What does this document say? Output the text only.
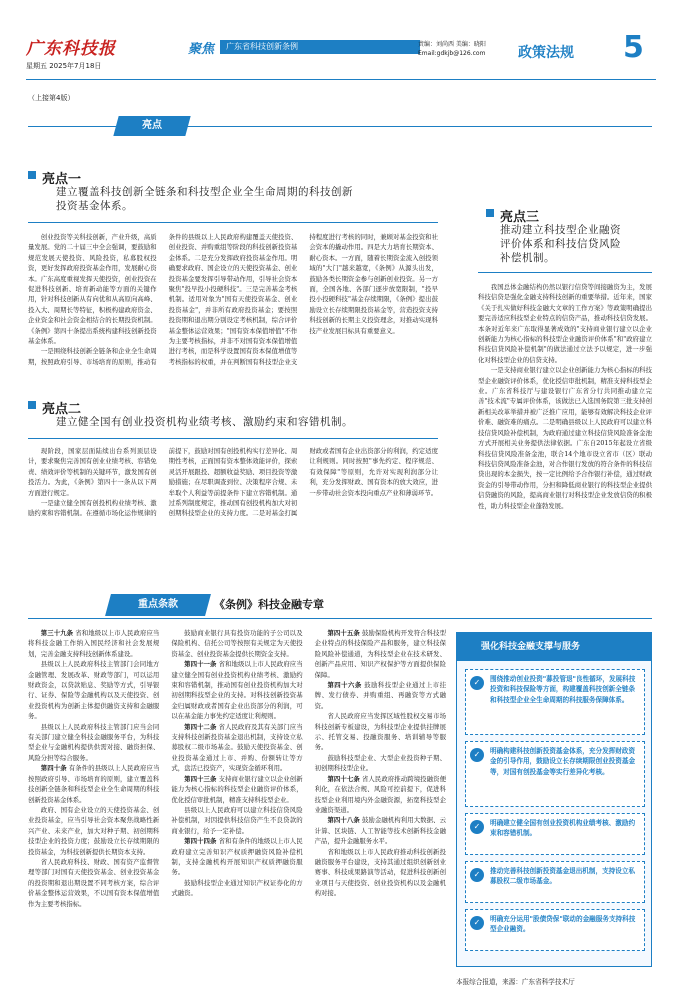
广东科技报
星期五 2025年7月18日
聚焦	广东省科技创新条例	责编：刘尚西 美编：晓阳
Email:gdkjb@126.com 政策法规 5
（上接第4版）
亮点
亮点一
建立覆盖科技创新全链条和科技型企业全生命周期的科技创新
投资基金体系。

创业投资等关科技创新，产业升级，高质量发展。党的二十届三中全会强调，要鼓励和规范发展天使投资、风险投资，私募股权投资，更好发挥政府投资基金作用，发展耐心资本。广东高度重视发挥天使投资，创业投资在促进科技创新、培育新动能等方面的关键作用，针对科技创新从有向优和从高原向高峰、投入大、周期长等特征，积极构建政府资金、企业资金和社会资金相结合的长期投资机制。《条例》第四十条提出系统构建科技创新投资基金体系。

一是围绕科技创新全链条和企业全生命周期，按照政府引导、市场培育的原则，推动有条件的县级以上人民政府构建覆盖天使投资、创业投资、并购重组等阶段的科技创新投资基金体系。二是充分发挥政府投资基金作用。明确要求政府、国企设立的天使投资基金、创业投资基金要发挥引导带动作用，引导社会资本聚焦"投早投小投硬科技"。三是完善基金考核机制。适用对象为"国有天使投资基金、创业投资基金"，并非所有政府投资基金；要按照投资期和退出期分别设定考核机制，综合评价基金整体运营效果；"国有资本保值增值"不作为主要考核指标，并非不对国有资本保值增值进行考核，而是科学设置国有资本保值增值等考核指标的权重，并在判断国有科技型企业支持程度进行考核的同时，兼顾对基金投资和社会资本的撬动作用。四是大力培育长期资本、耐心资本。一方面，随着长期资金流入创投领域的"大门"越来越宽，《条例》从源头出发，鼓励各类长期资金参与创新创业投资。另一方面，全国各地、各部门逐步放宽限制，"投早投小投硬科技"基金存续期限，《条例》提出鼓励设立长存续期限投资基金等，营造投资支持科技创新的长期主义投资理念，对推动实现科技产业发展目标具有重要意义。

亮点二
建立健全国有创业投资机构业绩考核、激励约束和容错机制。

现阶段，国家层面陆续出台系列顶层设计，要求聚焦完善国有创业业绩考核、容错免责、绩效评价等机制的关键环节，激发国有创投活力。为此，《条例》第四十一条从以下两方面进行规定。

一是建立健全国有创投机构业绩考核、激励约束和容错机制。在遵循市场化运作规律的前提下，鼓励对国有创投机构实行差异化、周期性考核，正面国有资本整体效能评价，探索灵活开展跟投、超额收益奖励、项目投资等激励措施；在尽职调查到位、决策程序合规、未牟取个人利益等前提条件下建立容错机制。通过系列制度规定，推动国有创投机构加大对初创期科技型企业的支持力度。二是对基金打属财政或者国有企业出资部分的利润，约定适度让利规则。同时按照"事先约定、程序规范、有效保障"等原则，允许对实现利润部分让利，充分发挥财政、国有资本的放大效应，进一步带动社会资本投向重点产业和薄弱环节。

亮点三
推动建立科技型企业融资
评价体系和科技信贷风险
补偿机制。

我国总体金融结构仍然以银行信贷等间接融资为主，发展科技信贷是强化金融支持科技创新的重要举措。近年来，国家《关于扎实做好科技金融大文章的工作方案》等政策明确提出要完善适应科技型企业特点的信贷产品，推动科技信贷发展。本条对近年来广东取得显著成效的"支持商业银行建立以企业创新能力为核心指标的科技型企业融资评价体系"和"政府建立科技信贷风险补偿机制"的做法通过立法予以规定，进一步强化对科技型企业的信贷支持。

一是支持商业银行建立以企业创新能力为核心指标的科技型企业融资评价体系，优化授信审批机制，精准支持科技型企业。广东省科技厅与建设银行广东省分行共同推动建立完善"技术流"专属评价体系，该做法已入选国务院第三批支持创新相关改革举措并被广泛推广应用，能够有效解决科技企业评价难、融资难的痛点。二是明确县级以上人民政府可以建立科技信贷风险补偿机制，为政府通过建立科技信贷风险准备金池方式开展相关业务提供法律依据。广东自2015年起设立省级科技信贷风险准备金池，联合14个地市设立省市（区）联动科技信贷风险准备金池，对合作银行发放的符合条件的科技信贷出现的本金损失，按一定比例给予合作银行补偿，通过财政资金的引导带动作用，分担和降低商业银行的科技型企业提供信贷融资的风险，提高商业银行对科技型企业发放信贷的积极性，助力科技型企业蓬勃发展。

重点条款	《条例》科技金融专章

第三十九条 省和地级以上市人民政府应当将科技金融工作纳入国民经济和社会发展规划，完善金融支持科技创新体系建设。

县级以上人民政府科技主管部门会同地方金融管理、发展改革、财政等部门，可以运用财政资金，以贷款贴息、奖励等方式，引导银行、证券、保险等金融机构以及天使投资、创业投资机构为创新主体提供融资支持和金融服务。

县级以上人民政府科技主管部门应当会同有关部门建立健全科技金融服务平台，为科技型企业与金融机构提供供需对接、融资担保、风险分担等综合服务。

第四十条 有条件的县级以上人民政府应当按照政府引导、市场培育的原则，建立覆盖科技创新全链条和科技型企业全生命周期的科技创新投资基金体系。

政府、国有企业设立的天使投资基金、创业投资基金，应当引导社会资本聚焦战略性新兴产业、未来产业，加大对种子期、初创期科技型企业的投资力度；鼓励设立长存续期限的投资基金，为科技创新提供长期资本支持。

省人民政府科技、财政、国有资产监督管理等部门对国有天使投资基金、创业投资基金的投资期和退出期设置不同考核方案，综合评价基金整体运营效果，不以国有资本保值增值作为主要考核指标。

鼓励商业银行具有投资功能的子公司以及保险机构、信托公司等按照有关规定为天使投资基金、创业投资基金提供长期资金支持。

第四十一条 省和地级以上市人民政府应当建立健全国有创业投资机构业绩考核、激励约束和容错机制，推动国有创业投资机构加大对初创期科技型企业的支持。对科技创新投资基金归属财政或者国有企业出资部分的利润，可以在基金能力事先约定适度让利规则。

第四十二条 省人民政府及其有关部门应当支持科技创新投资基金退出机制，支持设立私募股权二级市场基金。鼓励天使投资基金、创业投资基金通过上市、并购、份额转让等方式，盘活已投资产，实现资金循环利用。

第四十三条 支持商业银行建立以企业创新能力为核心指标的科技型企业融资评价体系，优化授信审批机制，精准支持科技型企业。

县级以上人民政府可以建立科技信贷风险补偿机制，对因提供科技信贷产生不良贷款的商业银行，给予一定补偿。

第四十四条 省和有条件的地级以上市人民政府建立完善知识产权质押融资风险补偿机制，支持金融机构开展知识产权质押融资服务。

鼓励科技型企业通过知识产权证券化的方式融资。

第四十五条 鼓励保险机构开发符合科技型企业特点的科技保险产品和服务，建立科技保险风险补偿通道，为科技型企业在技术研发、创新产品应用、知识产权保护等方面提供保险保障。

第四十六条 鼓励科技型企业通过上市挂牌、发行债券、并购重组、再融资等方式融资。

省人民政府应当发挥区域性股权交易市场科技创新专板建设，为科技型企业提供挂牌展示、托管交易、投融资服务、培训辅导等服务。

鼓励科技型企业、大型企业投资种子期、初创期科技型企业。

第四十七条 省人民政府推动跨境投融资便利化，在依法合规、风险可控前提下，促进科技型企业利用境内外金融资源，拓宽科技型企业融资渠道。

第四十八条 鼓励金融机构利用大数据、云计算、区块链、人工智能等技术创新科技金融产品，提升金融服务水平。

省和地级以上市人民政府推动科技创新投融资服务平台建设，支持其通过组织创新创业赛事、科技成果路演等活动，促进科技创新创业项目与天使投资、创业投资机构以及金融机构对接。

强化科技金融支撑与服务
✓	围绕推动创业投资"募投管退"良性循环，发展科技投资和科技保险等方面，构建覆盖科技创新全链条和科技型企业全生命周期的科技服务保障体系。
✓	明确构建科技创新投资基金体系，充分发挥财政资金的引导作用，鼓励设立长存续期限创业投资基金等，对国有创投基金等实行差异化考核。
✓	明确建立健全国有创业投资机构业绩考核、激励约束和容错机制。
✓	推动完善科技创新投资基金退出机制，支持设立私募股权二级市场基金。
✓	明确充分运用"股债贷保"联动的金融服务支持科技型企业融资。
本报综合报道，来源：广东省科学技术厅
